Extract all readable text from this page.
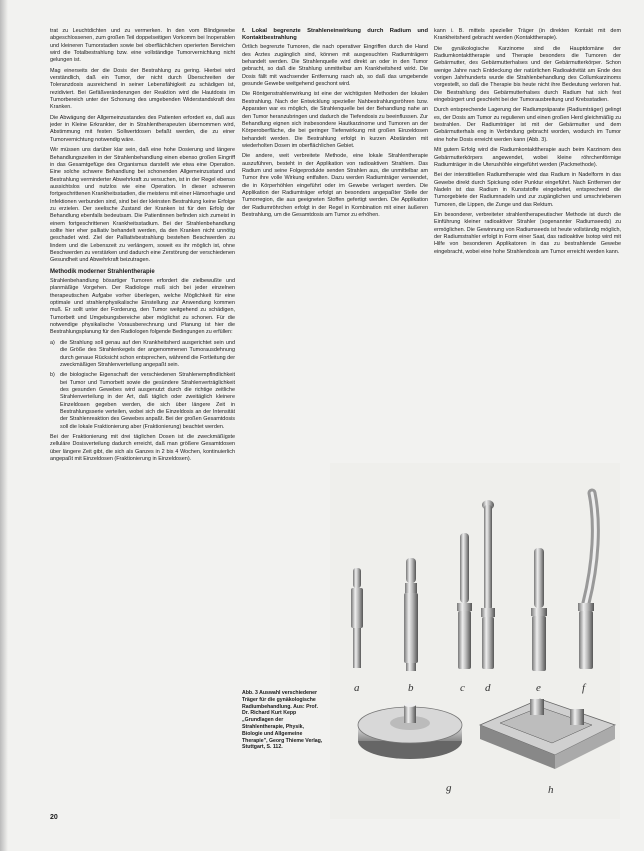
trat zu Leuchtdichten und zu vermerken. In den vom Blindgewebe abgeschlossenen, zum großen Teil doppelseitigen Vorkomm bei Inoperablen und kleineren Tumorstadien sowie bei oberflächlichen operierten Bereichen wird die Totalbestrahlung bzw. eine vollständige Tumorvernichtung nicht gelungen ist.

Mag einerseits der die Dosis der Bestrahlung zu gering. Hierbei wird verständlich, daß ein Tumor, der nicht durch Überschreiten der Toleranzdosis ausreichend in seiner Lebensfähigkeit zu schädigen ist, rezidiviert. Bei Gefäßveränderungen der Reaktion wird die Hautdosis im Tumorbereich unter der Schonung des umgebenden Widerstandskraft des Kranken.

Die Abwägung der Allgemeinzustandes des Patienten erfordert es, daß aus jeder in Kleine Erkrankter, der in Strahlentherapeuten übernommen wird, Abstimmung mit festen Sollwertdosen befaßt werden, die zu einer Tumorvernichtung notwendig wäre.

Wir müssen uns darüber klar sein, daß eine hohe Dosierung und längere Behandlungszeiten in der Strahlenbehandlung einen ebenso großen Eingriff in das Gesamtgefüge des Organismus darstellt wie etwa eine Operation. Eine solche schwere Behandlung bei schonenden Allgemeinzustand und Bestrahlung verminderter Abwehrkraft zu versuchen, ist in der Regel ebenso aussichtslos und nutzlos wie eine Operation. In dieser schweren fortgeschrittenen Krankheitsstadien, die meistens mit einer Hämorrhagie und Infektionen verbunden sind, sind bei der kleinsten Bestrahlung keine Erfolge zu erzielen. Der seelische Zustand der Kranken ist für den Erfolg der Behandlung ebenfalls bedeutsam. Die Patientinnen befinden sich zumeist in einem fortgeschrittenen Krankheitsstadium. Bei der Strahlenbehandlung sollte hier eher palliativ behandelt werden, da den Kranken nicht unnötig geschadet wird. Ziel der Palliativbestrahlung bestehen Beschwerden zu lindern und die Lebenszeit zu verlängern, soweit es ihr möglich ist, ohne Beschwerden zu verstärken und dadurch eine Zerstörung der verschiedenen Gesundheit und Abwehrkraft beizutragen.

Methodik moderner Strahlentherapie

Strahlenbehandlung bösartiger Tumoren erfordert die zielbewußte und planmäßige Vorgehen. Der Radiologe muß sich bei jeder einzelnen therapeutischen Aufgabe vorher überlegen, welche Möglichkeit für eine optimale und strahlenphysikalische Einstellung zur Anwendung kommen muß. Er sollt unter der Forderung, den Tumor weitgehend zu schädigen, Tumorbett und Umgebungsbereiche aber möglichst zu schonen. Für die notwendige physikalische Vorausberechnung und Planung ist hier die Bestrahlungsplanung für den Radiologen folgende Bedingungen zu erfüllen:

a) die Strahlung soll genau auf den Krankheitsherd ausgerichtet sein und die Größe des Strahlenkegels der angenommenen Tumorausdehnung durch genaue Rücksicht schon entsprechen, während die Fortleitung der zweckmäßigen Strahlenverteilung angepaßt sein.
b) die biologische Eigenschaft der verschiedenen Strahlenempfindlichkeit bei Tumor und Tumorbett sowie die gesündere Strahlenverträglichkeit des gesunden Gewebes wird ausgenutzt durch die richtige zeitliche Strahlenverteilung in der Art, daß täglich oder zweitäglich kleinere Einzeldosen gegeben werden, die sich über längere Zeit in Bestrahlungsserie verteilen, wobei sich die Einzeldosis an der Intensität der Strahlenreaktion des Gewebes anpaßt. Bei der großen Gesamtdosis soll die lokale Fraktionierung aber (Fraktionierung) beachtet werden.

Bei der Fraktionierung mit drei täglichen Dosen ist die zweckmäßigste zelluläre Dosisverteilung dadurch erreicht, daß man größere Gesamtdosen über längere Zeit gibt, die sich als Ganzes in 2 bis 4 Wochen, kontinuierlich angepaßt mit Einzeldosen (Fraktionierung in Einzeldosen).

f. Lokal begrenzte Strahleneinwirkung durch Radium und Kontaktbestrahlung

Örtlich begrenzte Tumoren, die nach operativer Eingriffen durch die Hand des Arztes zugänglich sind, können mit ausgesuchten Radiumträgern behandelt werden. Die Strahlenquelle wird direkt an oder in den Tumor gebracht, so daß die Strahlung unmittelbar am Krankheitsherd wirkt. Die Dosis fällt mit wachsender Entfernung rasch ab, so daß das umgebende gesunde Gewebe weitgehend geschont wird.

Die Röntgenstrahlenwirkung ist eine der wichtigsten Methoden der lokalen Bestrahlung. Nach der Entwicklung spezieller Nahbestrahlungsröhren bzw. Apparaten war es möglich, die Strahlenquelle bei der Behandlung nahe an den Tumor heranzubringen und dadurch die Tiefendosis zu beeinflussen. Zur Behandlung eignen sich insbesondere Hautkarzinome und Tumoren an der Körperoberfläche, die bei geringer Tiefenwirkung mit großen Einzeldosen behandelt werden. Die Bestrahlung erfolgt in kurzen Abständen mit wiederholten Dosen im oberflächlichen Gebiet.

Die andere, weit verbreitete Methode, eine lokale Strahlentherapie auszuführen, besteht in der Applikation von radioaktiven Strahlern. Das Radium und seine Folgeprodukte senden Strahlen aus, die unmittelbar am Tumor ihre volle Wirkung entfalten. Dazu werden Radiumträger verwendet, die in Körperhöhlen eingeführt oder im Gewebe verlagert werden. Die Applikation der Radiumträger erfolgt an besonders angepaßter Stelle der Tumorregion, die aus geeigneten Stoffen gefertigt werden. Die Applikation der Radiumröhrchen erfolgt in der Regel in Kombination mit einer äußeren Bestrahlung, um die Gesamtdosis am Tumor zu erhöhen.

kann i. B. mittels spezieller Träger (in direkten Kontakt mit dem Krankheitsherd gebracht werden (Kontakttherapie).

Die gynäkologische Karzinome sind die Hauptdomäne der Radiumkontakttherapie und Therapie besonders die Tumoren der Gebärmutter, des Gebärmutterhalses und der Gebärmutterkörper. Schon wenige Jahre nach Entdeckung der natürlichen Radioaktivität am Ende des vorigen Jahrhunderts wurde die Strahlenbehandlung des Collumkarzinoms vorgestellt, so daß die Therapie bis heute nicht ihre Bedeutung verloren hat. Die Bestrahlung des Gebärmutterhalses durch Radium hat sich fest eingebürgert und geschieht bei der Tumorausbreitung und Krebsstadien.

Durch entsprechende Lagerung der Radiumpräparate (Radiumträger) gelingt es, der Dosis am Tumor zu regulieren und einen großen Herd gleichmäßig zu bestrahlen. Der Radiumträger ist mit der Gebärmutter und dem Gebärmutterhals eng in Verbindung gebracht worden, wodurch im Tumor eine hohe Dosis erreicht werden kann (Abb. 3).

Mit gutem Erfolg wird die Radiumkontakttherapie auch beim Karzinom des Gebärmutterkörpers angewendet, wobei kleine röhrchenförmige Radiumträger in die Uterushöhle eingeführt werden (Packmethode).

Bei der interstitiellen Radiumtherapie wird das Radium in Nadelform in das Gewebe direkt durch Spickung oder Punktur eingeführt. Nach Entfernen der Nadeln ist das Radium in Kunststoffe eingebettet, entsprechend die Tumorgebiete der Radiumnadeln und zur zugänglichen und umschriebenen Tumoren, die Lippen, die Zunge und das Rektum.

Ein besonderer, verbreiteter strahlentherapeutischer Methode ist durch die Einführung kleiner radioaktiver Strahler (sogenannter Radiumseeds) zu ermöglichen. Die Gewinnung von Radiumseeds ist heute vollständig möglich, der Radiumstrahler erfolgt in Form einer Saat, das radioaktive Isotop wird mit Hilfe von besonderen Applikatoren in das zu bestrahlende Gewebe eingebracht, wobei eine hohe Strahlendosis am Tumor erreicht werden kann.

Abb. 3 Auswahl verschiedener Träger für die gynäkologische Radiumbehandlung. Aus: Prof. Dr. Richard Kurt Kepp „Grundlagen der Strahlentherapie, Physik, Biologie und Allgemeine Therapie", Georg Thieme Verlag, Stuttgart, S. 112.
a	b	c d	e	f
g	h
20
